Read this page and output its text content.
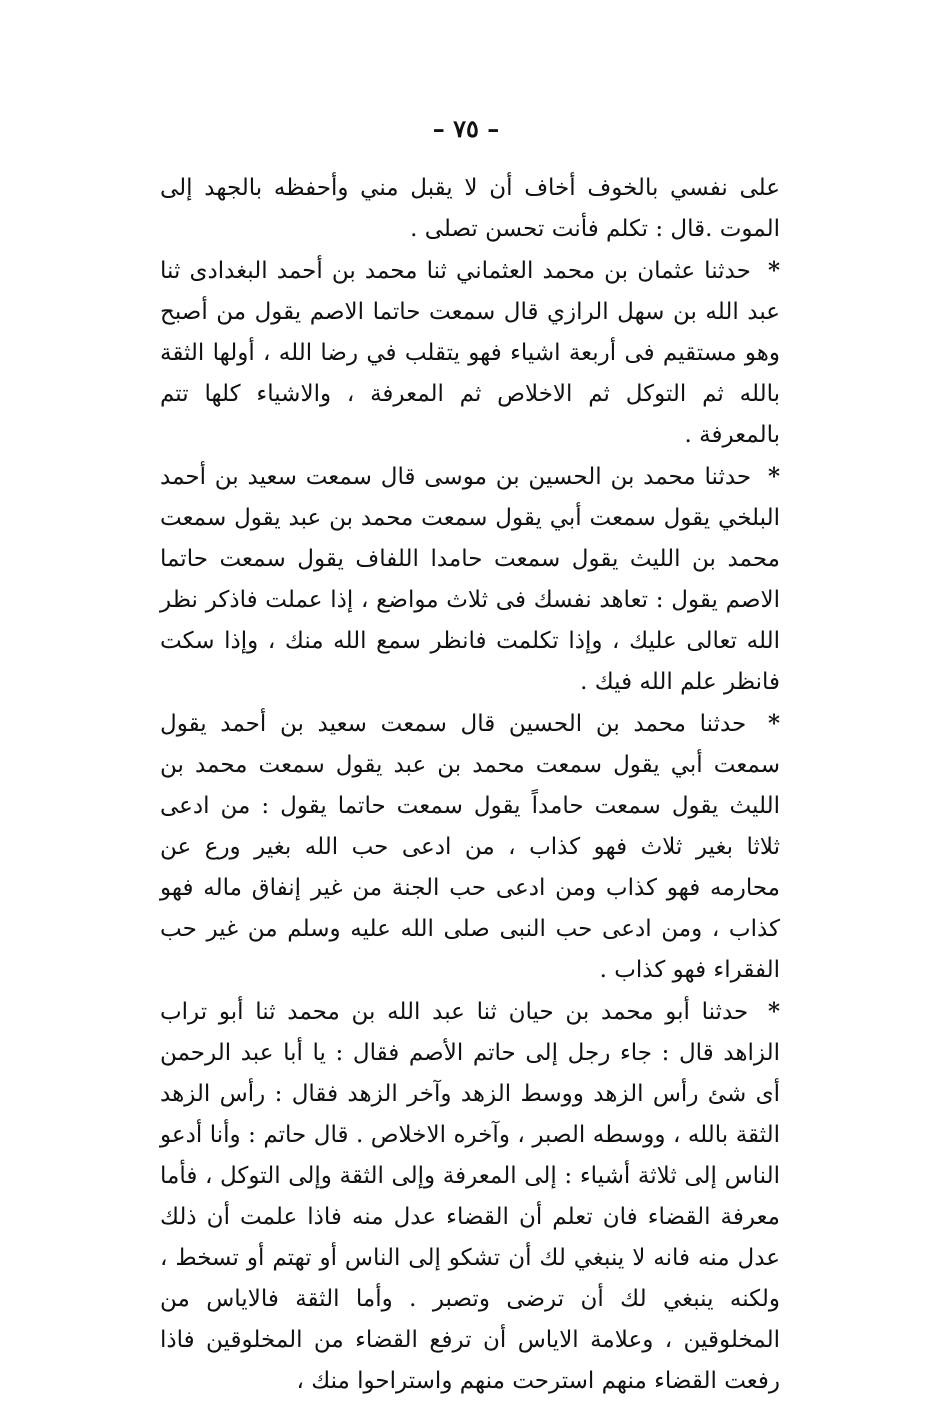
– ٧٥ –

على نفسي بالخوف أخاف أن لا يقبل مني وأحفظه بالجهد إلى الموت .قال : تكلم فأنت تحسن تصلى .

* حدثنا عثمان بن محمد العثماني ثنا محمد بن أحمد البغدادى ثنا عبد الله بن سهل الرازي قال سمعت حاتما الاصم يقول من أصبح وهو مستقيم فى أربعة اشياء فهو يتقلب في رضا الله ، أولها الثقة بالله ثم التوكل ثم الاخلاص ثم المعرفة ، والاشياء كلها تتم بالمعرفة .

* حدثنا محمد بن الحسين بن موسى قال سمعت سعيد بن أحمد البلخي يقول سمعت أبي يقول سمعت محمد بن عبد يقول سمعت محمد بن الليث يقول سمعت حامدا اللفاف يقول سمعت حاتما الاصم يقول : تعاهد نفسك فى ثلاث مواضع ، إذا عملت فاذكر نظر الله تعالى عليك ، وإذا تكلمت فانظر سمع الله منك ، وإذا سكت فانظر علم الله فيك .

* حدثنا محمد بن الحسين قال سمعت سعيد بن أحمد يقول سمعت أبي يقول سمعت محمد بن عبد يقول سمعت محمد بن الليث يقول سمعت حامداً يقول سمعت حاتما يقول : من ادعى ثلاثا بغير ثلاث فهو كذاب ، من ادعى حب الله بغير ورع عن محارمه فهو كذاب ومن ادعى حب الجنة من غير إنفاق ماله فهو كذاب ، ومن ادعى حب النبى صلى الله عليه وسلم من غير حب الفقراء فهو كذاب .

* حدثنا أبو محمد بن حيان ثنا عبد الله بن محمد ثنا أبو تراب الزاهد قال : جاء رجل إلى حاتم الأصم فقال : يا أبا عبد الرحمن أى شئ رأس الزهد ووسط الزهد وآخر الزهد فقال : رأس الزهد الثقة بالله ، ووسطه الصبر ، وآخره الاخلاص . قال حاتم : وأنا أدعو الناس إلى ثلاثة أشياء : إلى المعرفة وإلى الثقة وإلى التوكل ، فأما معرفة القضاء فان تعلم أن القضاء عدل منه فاذا علمت أن ذلك عدل منه فانه لا ينبغي لك أن تشكو إلى الناس أو تهتم أو تسخط ، ولكنه ينبغي لك أن ترضى وتصبر . وأما الثقة فالاياس من المخلوقين ، وعلامة الاياس أن ترفع القضاء من المخلوقين فاذا رفعت القضاء منهم استرحت منهم واستراحوا منك ،
